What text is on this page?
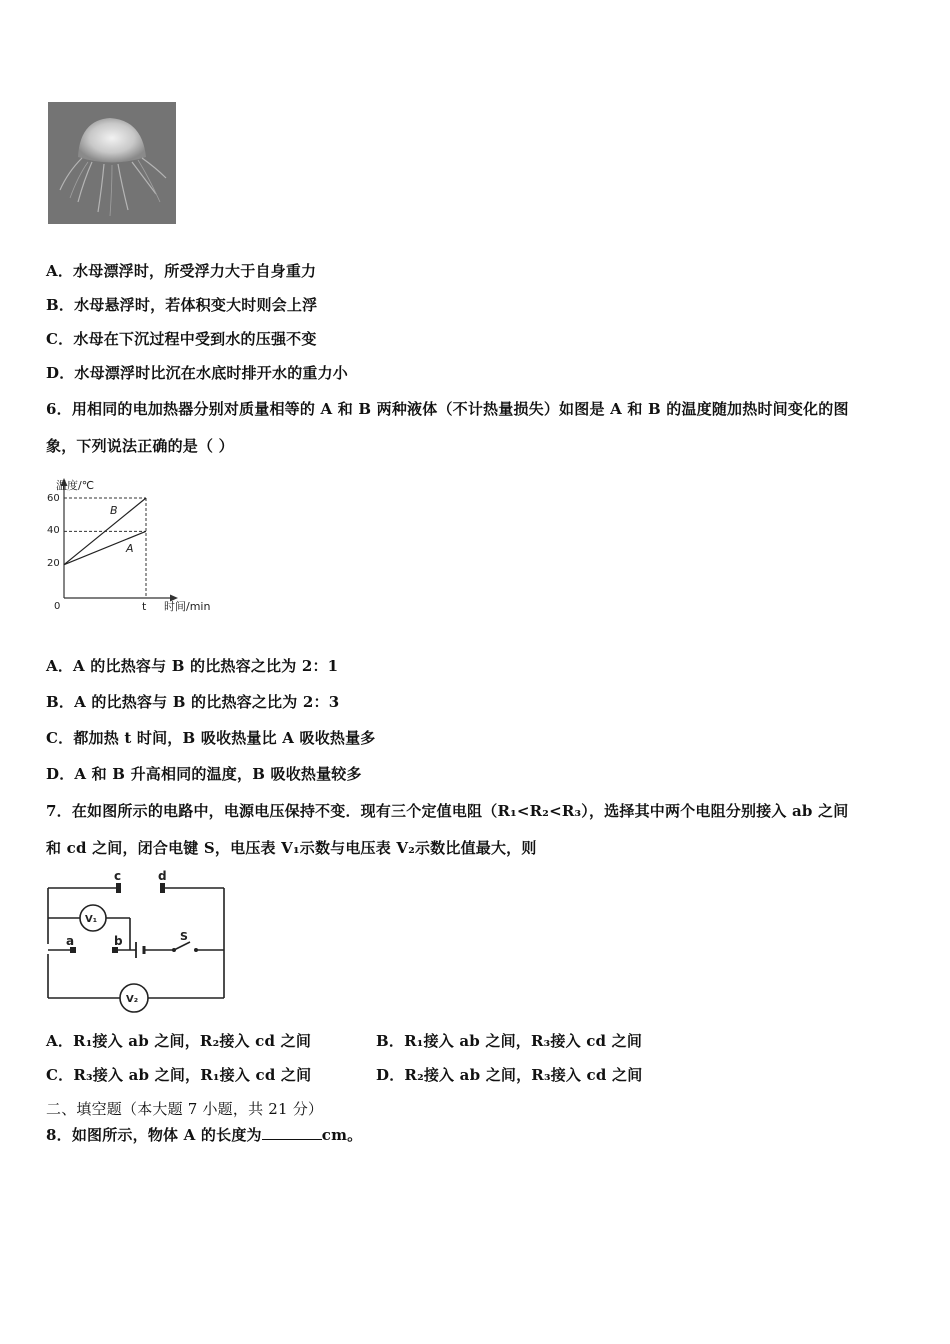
A．水母漂浮时，所受浮力大于自身重力
B．水母悬浮时，若体积变大时则会上浮
C．水母在下沉过程中受到水的压强不变
D．水母漂浮时比沉在水底时排开水的重力小
6．用相同的电加热器分别对质量相等的 A 和 B 两种液体（不计热量损失）如图是 A 和 B 的温度随加热时间变化的图
象，下列说法正确的是（ ）
温度/℃
时间/min
0	t
20
40
60
B
A
A．A 的比热容与 B 的比热容之比为 2：1
B．A 的比热容与 B 的比热容之比为 2：3
C．都加热 t 时间，B 吸收热量比 A 吸收热量多
D．A 和 B 升高相同的温度，B 吸收热量较多
7．在如图所示的电路中，电源电压保持不变．现有三个定值电阻（R₁<R₂<R₃），选择其中两个电阻分别接入 ab 之间
和 cd 之间，闭合电键 S，电压表 V₁示数与电压表 V₂示数比值最大，则
c	d
a	b	S
V₁
V₂
A．R₁接入 ab 之间，R₂接入 cd 之间	B．R₁接入 ab 之间，R₃接入 cd 之间
C．R₃接入 ab 之间，R₁接入 cd 之间	D．R₂接入 ab 之间，R₃接入 cd 之间
二、填空题（本大题 7 小题，共 21 分）
8．如图所示，物体 A 的长度为	cm。
